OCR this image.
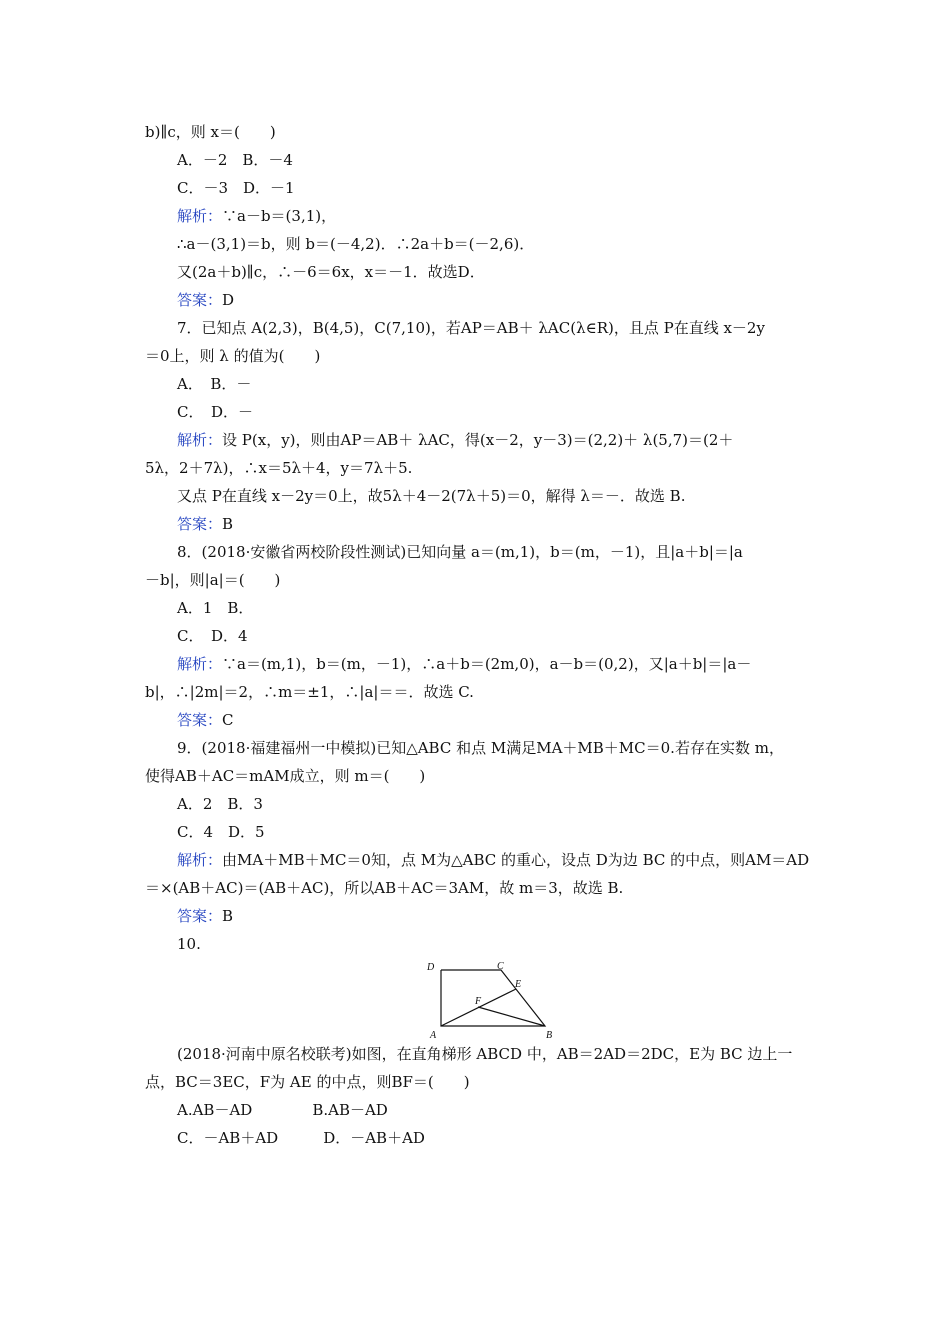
b)∥c，则 x＝(　　)
A．－2　B．－4
C．－3　D．－1
解析：∵a－b＝(3,1)，
∴a－(3,1)＝b，则 b＝(－4,2)．∴2a＋b＝(－2,6)．
又(2a＋b)∥c，∴－6＝6x，x＝－1．故选D．
答案：D
7．已知点 A(2,3)，B(4,5)，C(7,10)，若AP＝AB＋ λAC(λ∈R)，且点 P在直线 x－2y
＝0上，则 λ 的值为(　　)
A．　B．－
C．　D．－
解析：设 P(x，y)，则由AP＝AB＋ λAC，得(x－2，y－3)＝(2,2)＋ λ(5,7)＝(2＋
5λ，2＋7λ)，∴x＝5λ＋4，y＝7λ＋5.
又点 P在直线 x－2y＝0上，故5λ＋4－2(7λ＋5)＝0，解得 λ＝－．故选 B.
答案：B
8．(2018·安徽省两校阶段性测试)已知向量 a＝(m,1)，b＝(m，－1)，且|a＋b|＝|a
－b|，则|a|＝(　　)
A．1　B．
C．　D．4
解析：∵a＝(m,1)，b＝(m，－1)，∴a＋b＝(2m,0)，a－b＝(0,2)，又|a＋b|＝|a－
b|，∴|2m|＝2，∴m＝±1，∴|a|＝＝．故选 C.
答案：C
9．(2018·福建福州一中模拟)已知△ABC 和点 M满足MA＋MB＋MC＝0.若存在实数 m，
使得AB＋AC＝mAM成立，则 m＝(　　)
A．2　B．3
C．4　D．5
解析：由MA＋MB＋MC＝0知，点 M为△ABC 的重心，设点 D为边 BC 的中点，则AM＝AD
＝×(AB＋AC)＝(AB＋AC)，所以AB＋AC＝3AM，故 m＝3，故选 B.
答案：B
10.
D	C
E
F
A	B
(2018·河南中原名校联考)如图，在直角梯形 ABCD 中，AB＝2AD＝2DC，E为 BC 边上一
点，BC＝3EC，F为 AE 的中点，则BF＝(　　)
A.AB－AD　　　　B.AB－AD
C．－AB＋AD　　　D．－AB＋AD
